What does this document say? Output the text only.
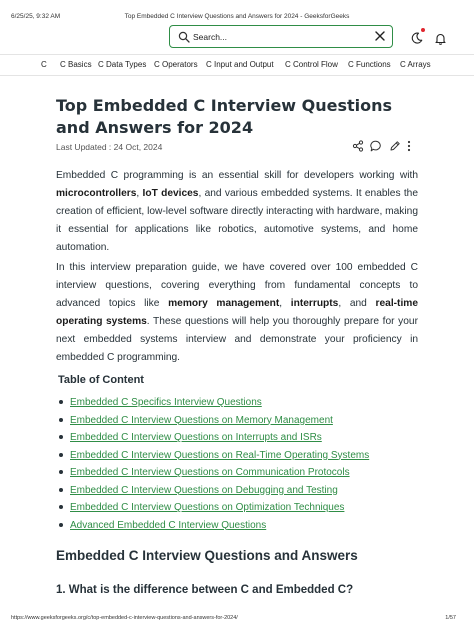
6/25/25, 9:32 AM	Top Embedded C Interview Questions and Answers for 2024 - GeeksforGeeks
Search...
C C Basics C Data Types C Operators C Input and Output C Control Flow C Functions C Arrays
Top Embedded C Interview Questions and Answers for 2024
Last Updated : 24 Oct, 2024

Embedded C programming is an essential skill for developers working with microcontrollers, IoT devices, and various embedded systems. It enables the creation of efficient, low-level software directly interacting with hardware, making it essential for applications like robotics, automotive systems, and home automation.

In this interview preparation guide, we have covered over 100 embedded C interview questions, covering everything from fundamental concepts to advanced topics like memory management, interrupts, and real-time operating systems. These questions will help you thoroughly prepare for your next embedded systems interview and demonstrate your proficiency in embedded C programming.

Table of Content
Embedded C Specifics Interview Questions
Embedded C Interview Questions on Memory Management
Embedded C Interview Questions on Interrupts and ISRs
Embedded C Interview Questions on Real-Time Operating Systems
Embedded C Interview Questions on Communication Protocols
Embedded C Interview Questions on Debugging and Testing
Embedded C Interview Questions on Optimization Techniques
Advanced Embedded C Interview Questions
Embedded C Interview Questions and Answers
1. What is the difference between C and Embedded C?
https://www.geeksforgeeks.org/c/top-embedded-c-interview-questions-and-answers-for-2024/	1/57
